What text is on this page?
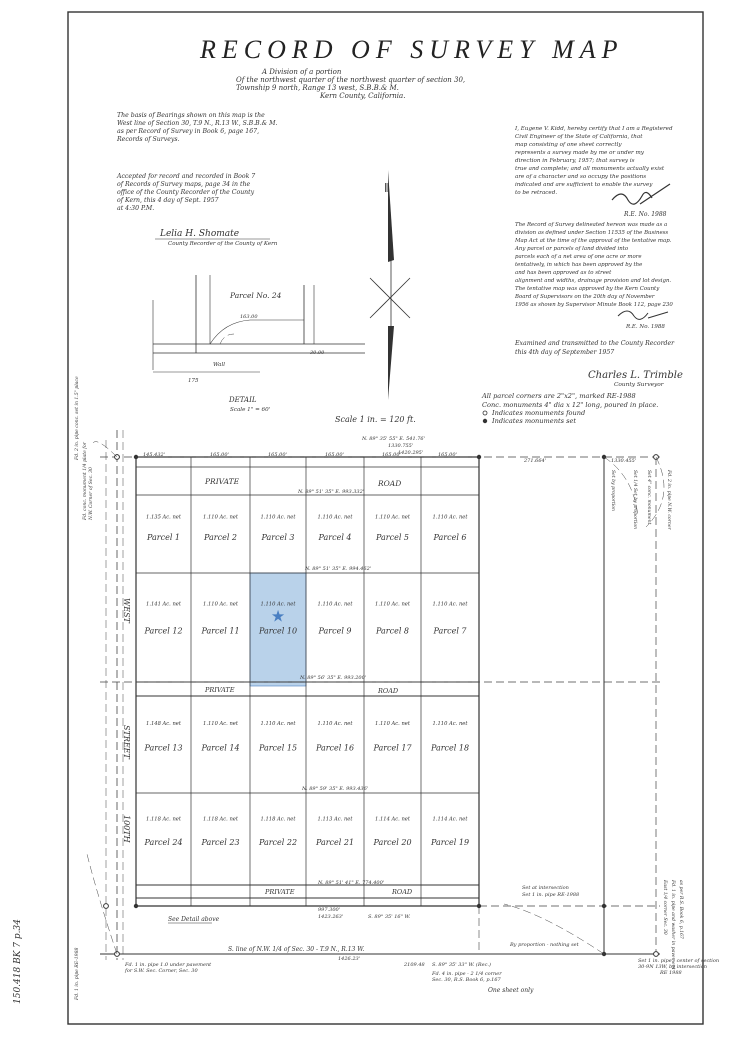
RECORD OF SURVEY MAP
A Division of a portion
Of the northwest quarter of the northwest quarter of section 30,
Township 9 north, Range 13 west, S.B.B.& M.
Kern County, California.
The basis of Bearings shown on this map is the
West line of Section 30, T.9 N., R.13 W., S.B.B.& M.
as per Record of Survey in Book 6, page 167,
Records of Surveys.
Accepted for record and recorded in Book 7
of Records of Survey maps, page 34 in the
office of the County Recorder of the County
of Kern, this 4 day of Sept. 1957
at 4:30 P.M.
Lelia H. Shomate
County Recorder of the County of Kern
I, Eugene V. Kidd, hereby certify that I am a Registered
Civil Engineer of the State of California, that
map consisting of one sheet correctly
represents a survey made by me or under my
direction in February, 1957; that survey is
true and complete; and all monuments actually exist
are of a character and so occupy the positions
indicated and are sufficient to enable the survey
to be retraced.
R.E. No. 1988
The Record of Survey delineated hereon was made as a
division as defined under Section 11535 of the Business
Map Act at the time of the approval of the tentative map.
Any parcel or parcels of land divided into
parcels each of a net area of one acre or more
tentatively, in which has been approved by the
and has been approved as to street
alignment and widths, drainage provision and lot design.
The tentative map was approved by the Kern County
Board of Supervisors on the 20th day of November
1956 as shown by Supervisor Minute Book 112, page 230
R.E. No. 1988
Examined and transmitted to the County Recorder
this 4th day of September 1957
Charles L. Trimble
County Surveyor
All parcel corners are 2"x2", marked RE-1988
Conc. monuments 4" dia x 12" long, poured in place.
Indicates monuments found
Indicates monuments set
Ⅱ
Parcel No. 24
Wall
175
163.00
30.00
DETAIL
Scale 1" = 60'
Scale 1 in. = 120 ft.
PRIVATE	ROAD
PRIVATE	ROAD
PRIVATE	ROAD
WEST
STREET
100TH
1.135 Ac. net
Parcel 1
1.110 Ac. net
Parcel 2
1.110 Ac. net
Parcel 3
1.110 Ac. net
Parcel 4
1.110 Ac. net
Parcel 5
1.110 Ac. net
Parcel 6
1.141 Ac. net
Parcel 12
1.110 Ac. net
Parcel 11
1.110 Ac. net
Parcel 10
★
1.110 Ac. net
Parcel 9
1.110 Ac. net
Parcel 8
1.110 Ac. net
Parcel 7
1.148 Ac. net
Parcel 13
1.110 Ac. net
Parcel 14
1.110 Ac. net
Parcel 15
1.110 Ac. net
Parcel 16
1.110 Ac. net
Parcel 17
1.110 Ac. net
Parcel 18
1.118 Ac. net
Parcel 24
1.118 Ac. net
Parcel 23
1.118 Ac. net
Parcel 22
1.113 Ac. net
Parcel 21
1.114 Ac. net
Parcel 20
1.114 Ac. net
Parcel 19
N. 89° 35' 55" E. 541.76'
1330.755'
1420.295'
145.432'	165.00'	165.00'	165.00'	165.00'	165.00'
N. 89° 51' 35" E. 993.332'
N. 89° 51' 35" E. 994.462'
N. 89° 56' 35" E. 993.200'
N. 89° 59' 35" E. 993.436'
N. 89° 51' 41" E. 774.400'
997.300'
1423.263'	S. 89° 35' 16" W.
S. line of N.W. 1/4 of Sec. 30 - T.9 N., R.13 W.
1426.23'
2109.48 S. 89° 35' 33" W. (Rec.)
271.664'	1330.455'
See Detail above
Set at intersection
Set 1 in. pipe RE-1988
By proportion - nothing set
Fd. 1 in. pipe 1.0 under pavement
for S.W. Sec. Corner, Sec. 30	Fd. 4 in. pipe - 2 1/4 corner
Sec. 30, R.S. Book 6, p.167
Set 1 in. pipe - center of section
30-9N 13W, by intersection
RE 1988
One sheet only
Fd. 2 in. pipe conc. set in 1.5" place
Fd. conc. monument 1/4 plate for N.W. Corner of Sec. 30
Fd. 1 in. pipe RE-1988
Set 4" conc. monument	Fd. 2 in. pipe N.W. corner
East 1/4 corner Sec. 30 Fd. 1 in. pipe and washer in pavement as per R.S. Book 6, p.167
Set by proportion	Set 1/4 Set by proportion
150.418 BK 7 p.34
